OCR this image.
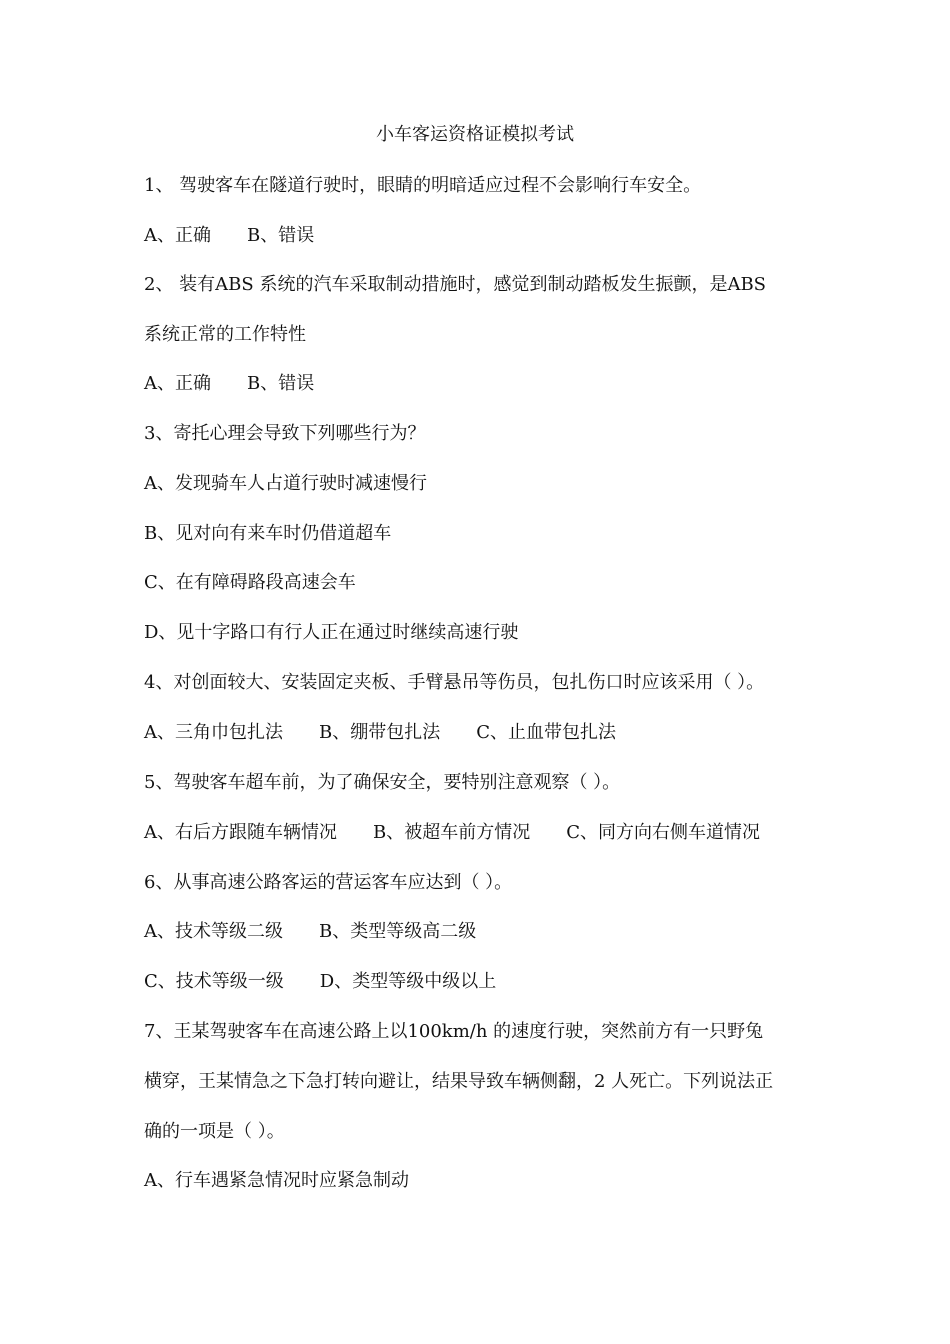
小车客运资格证模拟考试
1、 驾驶客车在隧道行驶时，眼睛的明暗适应过程不会影响行车安全。
A、正确 B、错误
2、 装有ABS 系统的汽车采取制动措施时，感觉到制动踏板发生振颤，是ABS
系统正常的工作特性
A、正确 B、错误
3、寄托心理会导致下列哪些行为？
A、发现骑车人占道行驶时减速慢行
B、见对向有来车时仍借道超车
C、在有障碍路段高速会车
D、见十字路口有行人正在通过时继续高速行驶
4、对创面较大、安装固定夹板、手臂悬吊等伤员，包扎伤口时应该采用（ ）。
A、三角巾包扎法 B、绷带包扎法 C、止血带包扎法
5、驾驶客车超车前，为了确保安全，要特别注意观察（ ）。
A、右后方跟随车辆情况 B、被超车前方情况 C、同方向右侧车道情况
6、从事高速公路客运的营运客车应达到（ ）。
A、技术等级二级 B、类型等级高二级
C、技术等级一级 D、类型等级中级以上
7、王某驾驶客车在高速公路上以100km/h 的速度行驶，突然前方有一只野兔
横穿，王某情急之下急打转向避让，结果导致车辆侧翻，2 人死亡。下列说法正
确的一项是（ ）。
A、行车遇紧急情况时应紧急制动
